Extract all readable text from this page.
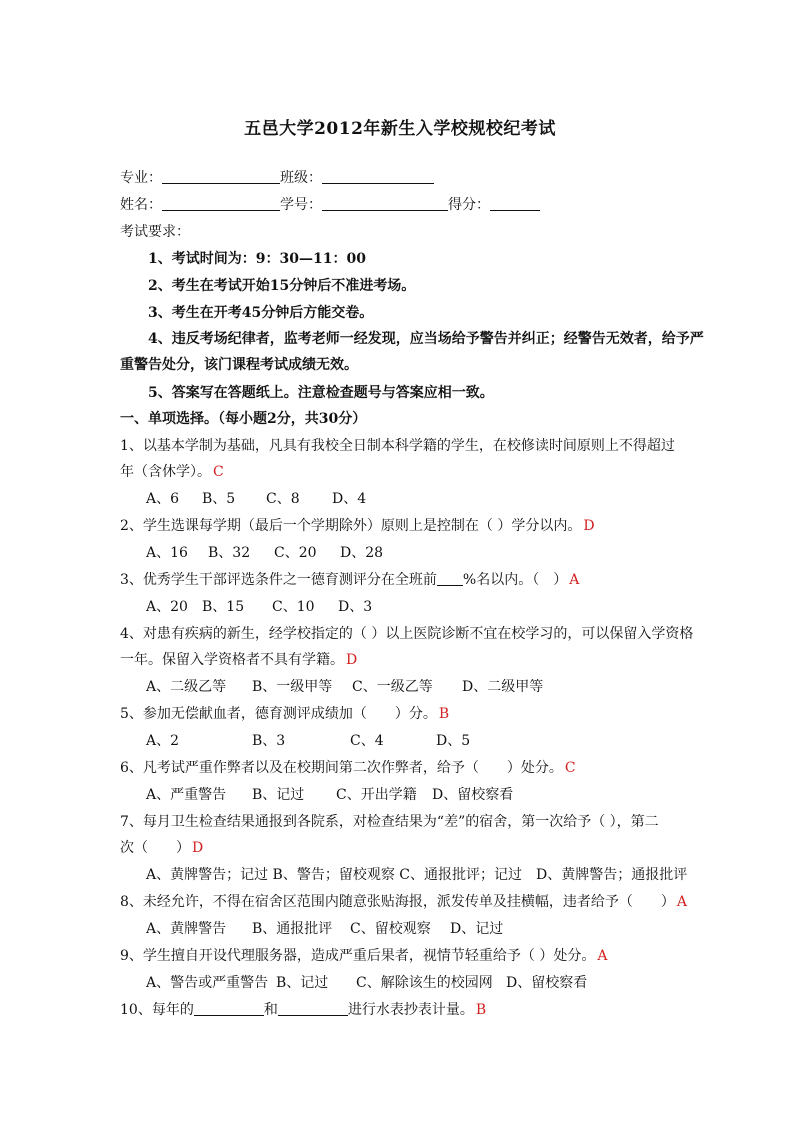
五邑大学2012年新生入学校规校纪考试
专业：	班级：
姓名：	学号：	得分：
考试要求：
1、考试时间为：9：30—11：00
2、考生在考试开始15分钟后不准进考场。
3、考生在开考45分钟后方能交卷。
4、违反考场纪律者，监考老师一经发现，应当场给予警告并纠正；经警告无效者，给予严
重警告处分，该门课程考试成绩无效。
5、答案写在答题纸上。注意检查题号与答案应相一致。
一、单项选择。（每小题2分，共30分）
1、以基本学制为基础，凡具有我校全日制本科学籍的学生，在校修读时间原则上不得超过
年（含休学）。 C
A、6 B、5 C、8 D、4
2、学生选课每学期（最后一个学期除外）原则上是控制在（ ）学分以内。 D
A、16 B、32 C、20 D、28
3、优秀学生干部评选条件之一德育测评分在全班前 %名以内。（　） A
A、20 B、15 C、10 D、3
4、对患有疾病的新生，经学校指定的（ ）以上医院诊断不宜在校学习的，可以保留入学资格
一年。保留入学资格者不具有学籍。 D
A、二级乙等 B、一级甲等 C、一级乙等 D、二级甲等
5、参加无偿献血者，德育测评成绩加（　　）分。 B
A、2	B、3	C、4	D、5
6、凡考试严重作弊者以及在校期间第二次作弊者，给予（　　）处分。 C
A、严重警告 B、记过 C、开出学籍 D、留校察看
7、每月卫生检查结果通报到各院系，对检查结果为“差”的宿舍，第一次给予（ ），第二
次（　　） D
A、黄牌警告；记过 B、警告；留校观察 C、通报批评；记过　D、黄牌警告；通报批评
8、未经允许，不得在宿舍区范围内随意张贴海报，派发传单及挂横幅，违者给予（　　） A
A、黄牌警告 B、通报批评 C、留校观察 D、记过
9、学生擅自开设代理服务器，造成严重后果者，视情节轻重给予（ ）处分。 A
A、警告或严重警告 B、记过 C、解除该生的校园网 D、留校察看
10、每年的	和	进行水表抄表计量。 B
